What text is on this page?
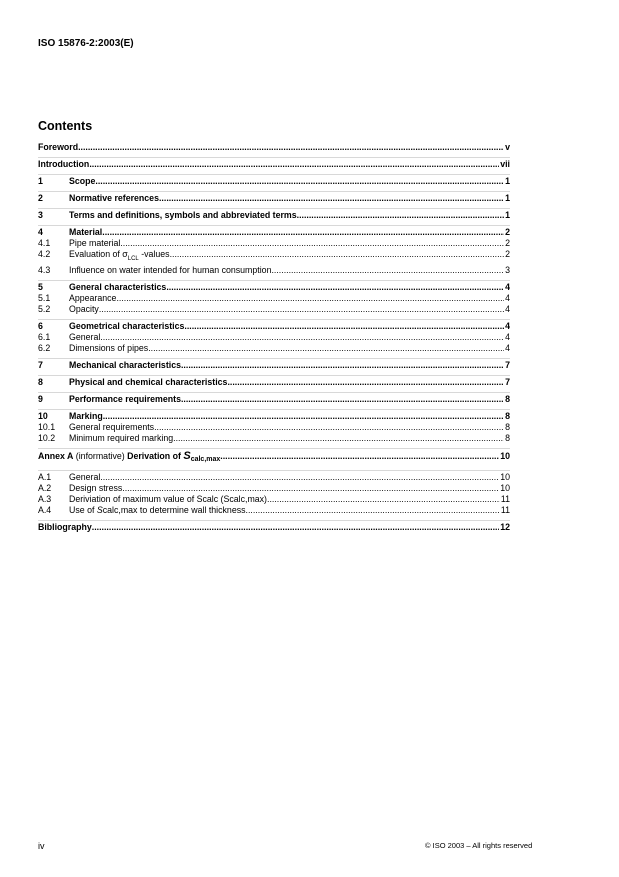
ISO 15876-2:2003(E)
Contents
Foreword .....	v
Introduction .....	vii
1	Scope .....	1
2	Normative references .....	1
3	Terms and definitions, symbols and abbreviated terms .....	1
4	Material .....	2
4.1	Pipe material .....	2
4.2	Evaluation of $\sigma_{LCL}$ -values .....	2
4.3	Influence on water intended for human consumption .....	3
5	General characteristics .....	4
5.1	Appearance .....	4
5.2	Opacity .....	4
6	Geometrical characteristics .....	4
6.1	General .....	4
6.2	Dimensions of pipes .....	4
7	Mechanical characteristics .....	7
8	Physical and chemical characteristics .....	7
9	Performance requirements .....	8
10	Marking .....	8
10.1	General requirements .....	8
10.2	Minimum required marking .....	8
Annex A (informative) Derivation of $S_{calc,max}$ .....	10
A.1	General .....	10
A.2	Design stress .....	10
A.3	Deriviation of maximum value of Scalc (Scalc,max) .....	11
A.4	Use of Scalc,max to determine wall thickness .....	11
Bibliography .....	12
iv	© ISO 2003 – All rights reserved
